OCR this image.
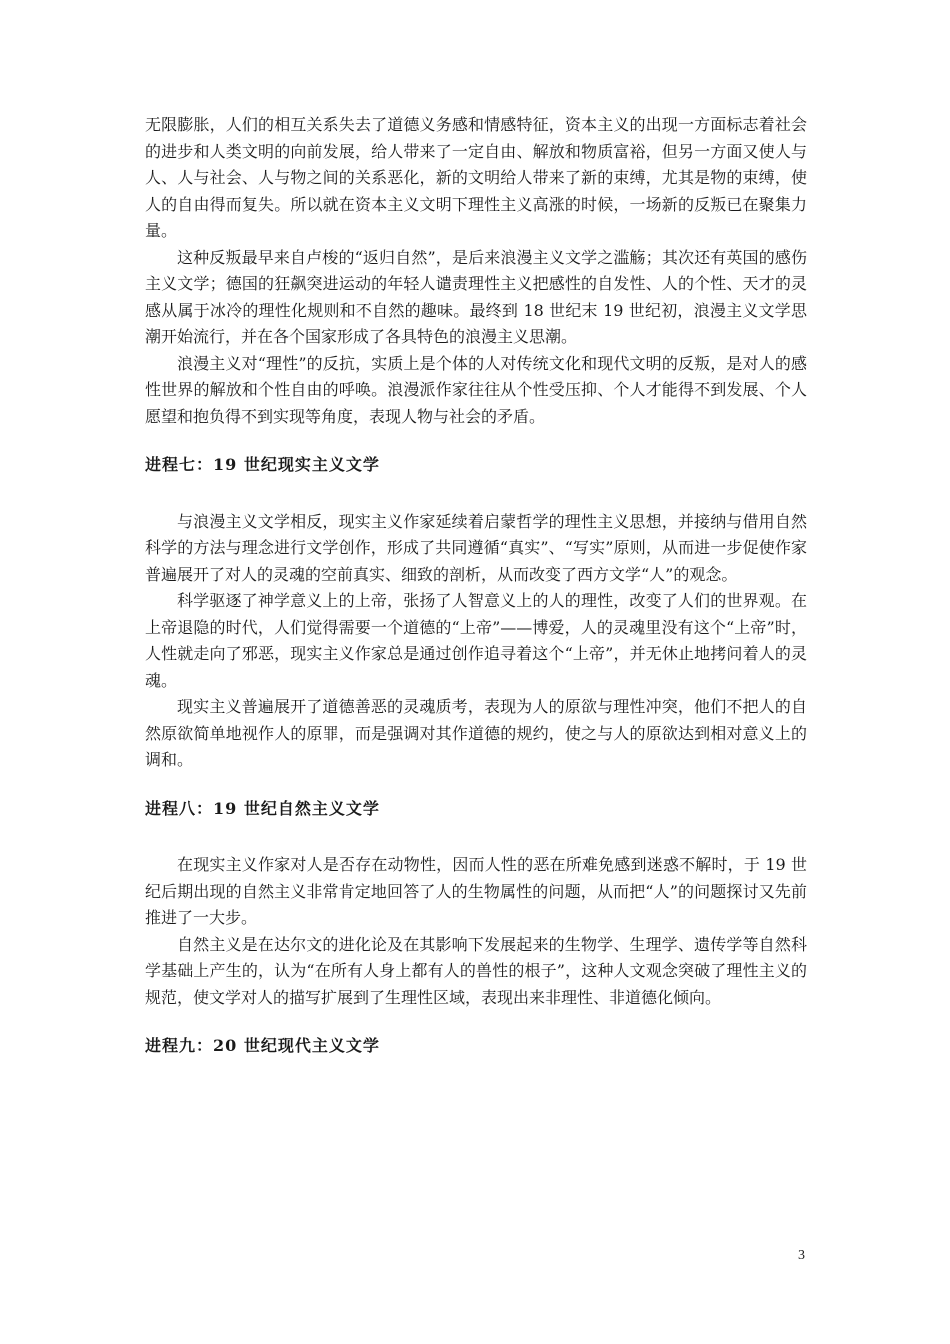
无限膨胀，人们的相互关系失去了道德义务感和情感特征，资本主义的出现一方面标志着社会的进步和人类文明的向前发展，给人带来了一定自由、解放和物质富裕，但另一方面又使人与人、人与社会、人与物之间的关系恶化，新的文明给人带来了新的束缚，尤其是物的束缚，使人的自由得而复失。所以就在资本主义文明下理性主义高涨的时候，一场新的反叛已在聚集力量。

这种反叛最早来自卢梭的“返归自然”，是后来浪漫主义文学之滥觞；其次还有英国的感伤主义文学；德国的狂飙突进运动的年轻人谴责理性主义把感性的自发性、人的个性、天才的灵感从属于冰冷的理性化规则和不自然的趣味。最终到 18 世纪末 19 世纪初，浪漫主义文学思潮开始流行，并在各个国家形成了各具特色的浪漫主义思潮。

浪漫主义对“理性”的反抗，实质上是个体的人对传统文化和现代文明的反叛，是对人的感性世界的解放和个性自由的呼唤。浪漫派作家往往从个性受压抑、个人才能得不到发展、个人愿望和抱负得不到实现等角度，表现人物与社会的矛盾。

进程七：19 世纪现实主义文学

与浪漫主义文学相反，现实主义作家延续着启蒙哲学的理性主义思想，并接纳与借用自然科学的方法与理念进行文学创作，形成了共同遵循“真实”、“写实”原则，从而进一步促使作家普遍展开了对人的灵魂的空前真实、细致的剖析，从而改变了西方文学“人”的观念。

科学驱逐了神学意义上的上帝，张扬了人智意义上的人的理性，改变了人们的世界观。在上帝退隐的时代，人们觉得需要一个道德的“上帝”——博爱，人的灵魂里没有这个“上帝”时，人性就走向了邪恶，现实主义作家总是通过创作追寻着这个“上帝”，并无休止地拷问着人的灵魂。

现实主义普遍展开了道德善恶的灵魂质考，表现为人的原欲与理性冲突，他们不把人的自然原欲简单地视作人的原罪，而是强调对其作道德的规约，使之与人的原欲达到相对意义上的调和。

进程八：19 世纪自然主义文学

在现实主义作家对人是否存在动物性，因而人性的恶在所难免感到迷惑不解时，于 19 世纪后期出现的自然主义非常肯定地回答了人的生物属性的问题，从而把“人”的问题探讨又先前推进了一大步。

自然主义是在达尔文的进化论及在其影响下发展起来的生物学、生理学、遗传学等自然科学基础上产生的，认为“在所有人身上都有人的兽性的根子”，这种人文观念突破了理性主义的规范，使文学对人的描写扩展到了生理性区域，表现出来非理性、非道德化倾向。

进程九：20 世纪现代主义文学
3
